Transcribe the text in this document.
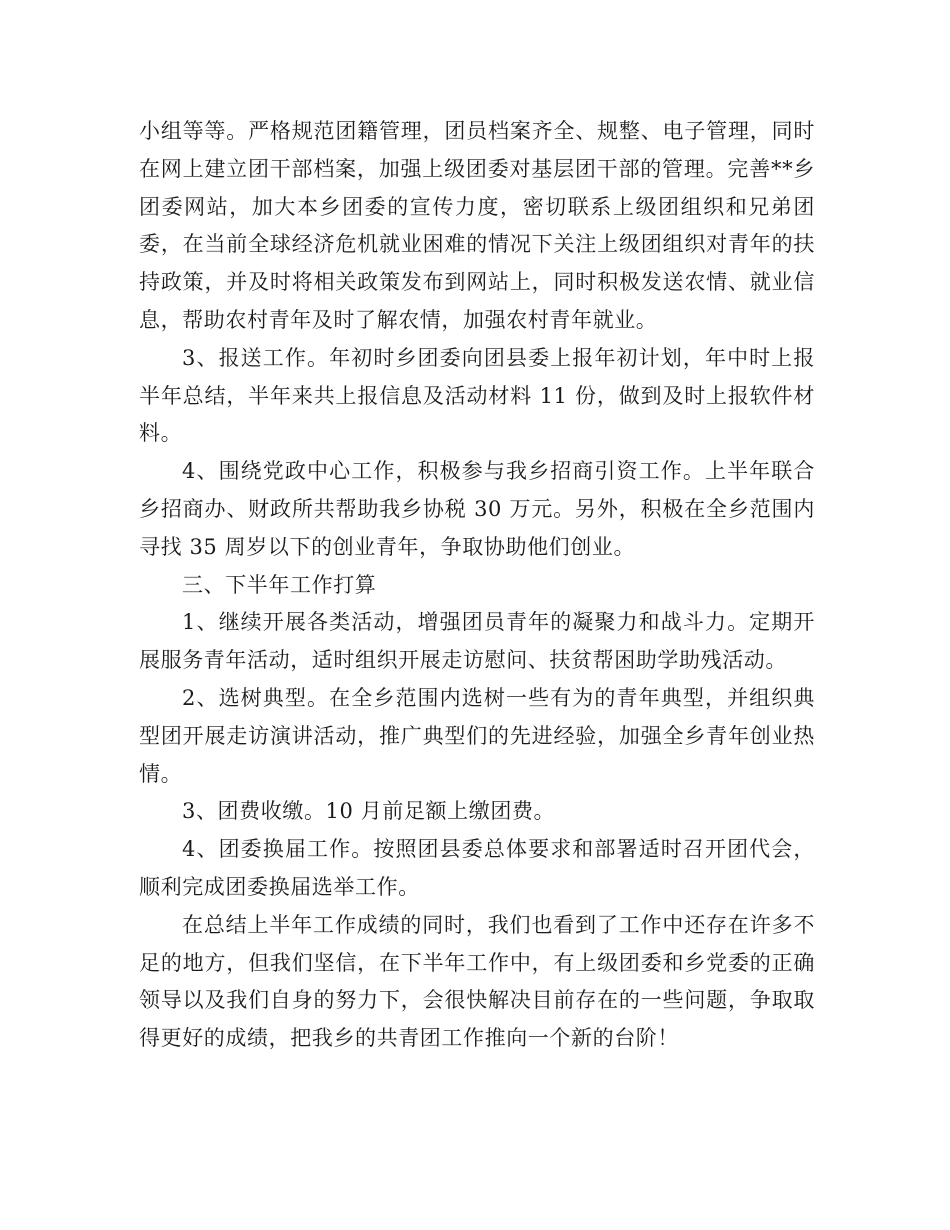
小组等等。严格规范团籍管理，团员档案齐全、规整、电子管理，同时在网上建立团干部档案，加强上级团委对基层团干部的管理。完善**乡团委网站，加大本乡团委的宣传力度，密切联系上级团组织和兄弟团委，在当前全球经济危机就业困难的情况下关注上级团组织对青年的扶持政策，并及时将相关政策发布到网站上，同时积极发送农情、就业信息，帮助农村青年及时了解农情，加强农村青年就业。

3、报送工作。年初时乡团委向团县委上报年初计划，年中时上报半年总结，半年来共上报信息及活动材料 11 份，做到及时上报软件材料。

4、围绕党政中心工作，积极参与我乡招商引资工作。上半年联合乡招商办、财政所共帮助我乡协税 30 万元。另外，积极在全乡范围内寻找 35 周岁以下的创业青年，争取协助他们创业。

三、下半年工作打算

1、继续开展各类活动，增强团员青年的凝聚力和战斗力。定期开展服务青年活动，适时组织开展走访慰问、扶贫帮困助学助残活动。

2、选树典型。在全乡范围内选树一些有为的青年典型，并组织典型团开展走访演讲活动，推广典型们的先进经验，加强全乡青年创业热情。

3、团费收缴。10 月前足额上缴团费。

4、团委换届工作。按照团县委总体要求和部署适时召开团代会，顺利完成团委换届选举工作。

在总结上半年工作成绩的同时，我们也看到了工作中还存在许多不足的地方，但我们坚信，在下半年工作中，有上级团委和乡党委的正确领导以及我们自身的努力下，会很快解决目前存在的一些问题，争取取得更好的成绩，把我乡的共青团工作推向一个新的台阶！
